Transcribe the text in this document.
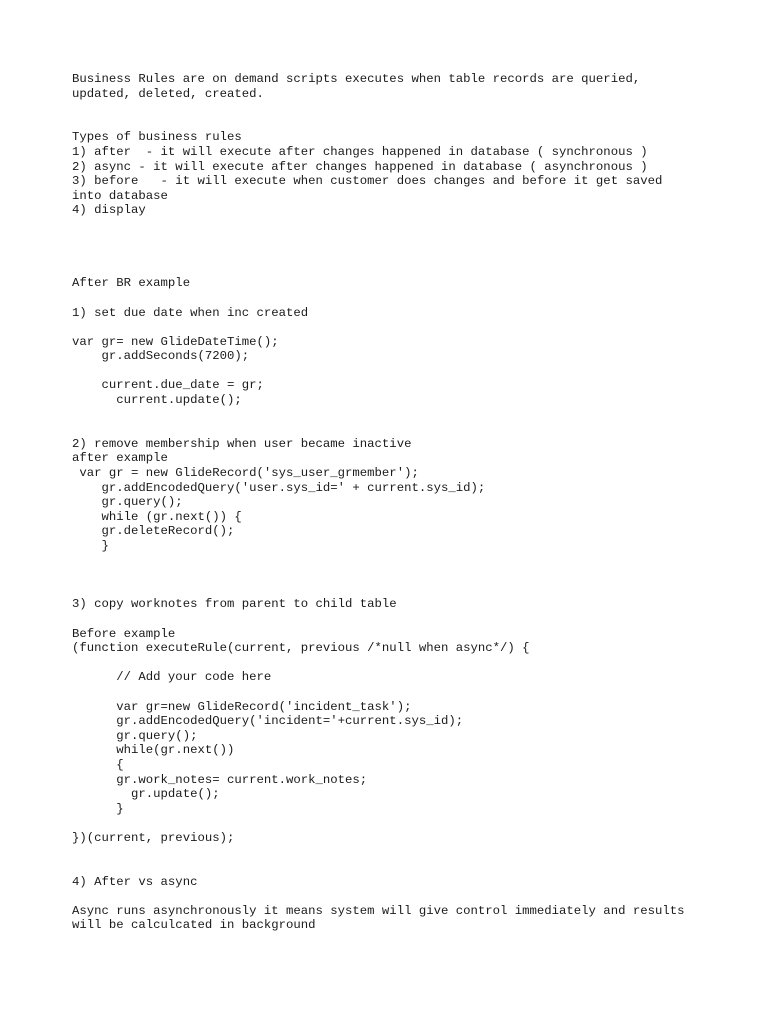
Business Rules are on demand scripts executes when table records are queried,
updated, deleted, created.
Types of business rules
1) after  - it will execute after changes happened in database ( synchronous )
2) async - it will execute after changes happened in database ( asynchronous )
3) before   - it will execute when customer does changes and before it get saved
into database
4) display
After BR example
1) set due date when inc created
var gr= new GlideDateTime();
gr.addSeconds(7200);
current.due_date = gr;
current.update();
2) remove membership when user became inactive
after example
var gr = new GlideRecord('sys_user_grmember');
gr.addEncodedQuery('user.sys_id=' + current.sys_id);
gr.query();
while (gr.next()) {
gr.deleteRecord();
}
3) copy worknotes from parent to child table
Before example
(function executeRule(current, previous /*null when async*/) {
// Add your code here
var gr=new GlideRecord('incident_task');
gr.addEncodedQuery('incident='+current.sys_id);
gr.query();
while(gr.next())
{
gr.work_notes= current.work_notes;
gr.update();
}
})(current, previous);
4) After vs async
Async runs asynchronously it means system will give control immediately and results
will be calculcated in background
